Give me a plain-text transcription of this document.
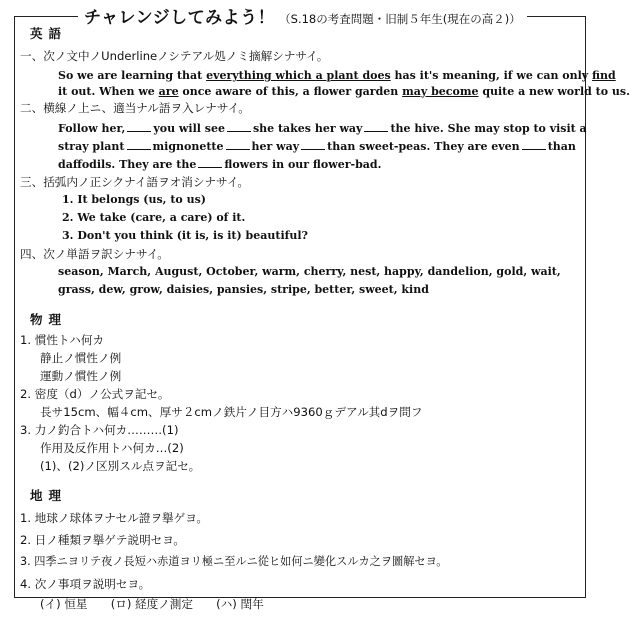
チャレンジしてみよう！ （S.18の考査問題・旧制５年生(現在の高２)）
英語
一、次ノ文中ノUnderlineノシテアル処ノミ摘解シナサイ。
So we are learning that everything which a plant does has it's meaning, if we can only find
it out. When we are once aware of this, a flower garden may become quite a new world to us.
二、横線ノ上ニ、適当ナル語ヲ入レナサイ。
Follow her,	you will see	she takes her way	the hive. She may stop to visit a
stray plant	mignonette	her way	than sweet-peas. They are even	than
daffodils. They are the	flowers in our flower-bad.
三、括弧内ノ正シクナイ語ヲオ消シナサイ。
1. It belongs (us, to us)
2. We take (care, a care) of it.
3. Don't you think (it is, is it) beautiful?
四、次ノ単語ヲ訳シナサイ。
season, March, August, October, warm, cherry, nest, happy, dandelion, gold, wait,
grass, dew, grow, daisies, pansies, stripe, better, sweet, kind
物理
1. 慣性トハ何カ
静止ノ慣性ノ例
運動ノ慣性ノ例
2. 密度（d）ノ公式ヲ記セ。
長サ15cm、幅４cm、厚サ２cmノ鉄片ノ目方ハ9360ｇデアル其dヲ問フ
3. 力ノ釣合トハ何カ………(1)
作用及反作用トハ何カ…(2)
(1)、(2)ノ区別スル点ヲ記セ。
地理
1. 地球ノ球体ヲナセル證ヲ擧ゲヨ。
2. 日ノ種類ヲ擧ゲテ説明セヨ。
3. 四季ニヨリテ夜ノ長短ハ赤道ヨリ極ニ至ルニ從ヒ如何ニ變化スルカ之ヲ圖解セヨ。
4. 次ノ事項ヲ説明セヨ。
(イ) 恒星　　(ロ) 経度ノ測定　　(ハ) 閏年
